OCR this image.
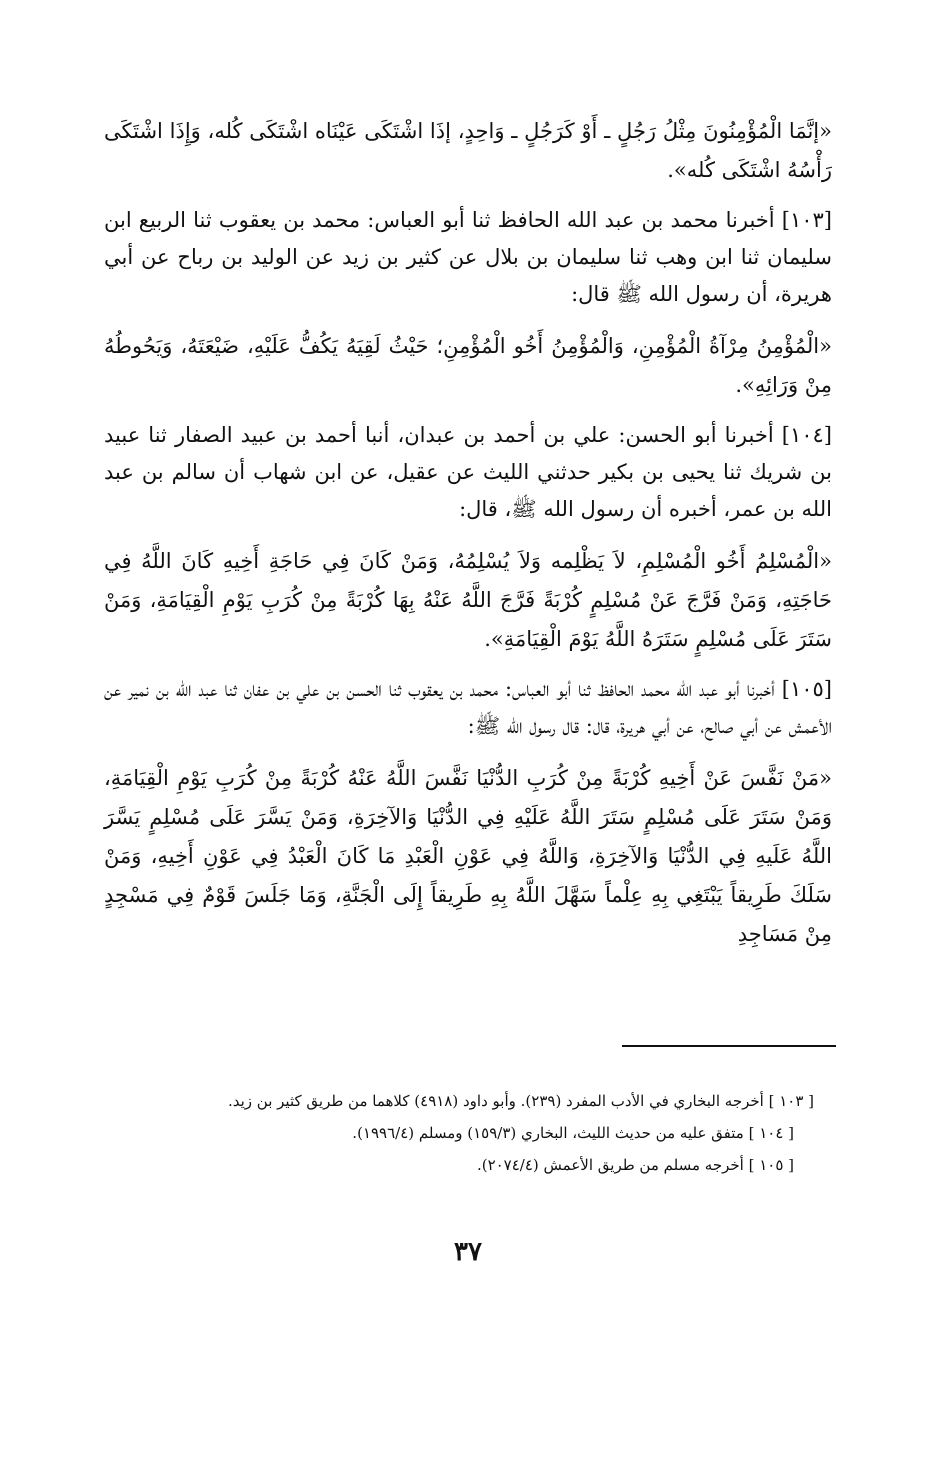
«إنَّمَا الْمُؤْمِنُونَ مِثْلُ رَجُلٍ ـ أَوْ كَرَجُلٍ ـ وَاحِدٍ، إذَا اشْتَكَى عَيْنَاه اشْتَكَى كُله، وَإِذَا اشْتَكَى رَأْسُهُ اشْتَكَى كُله».

[١٠٣] أخبرنا محمد بن عبد الله الحافظ ثنا أبو العباس: محمد بن يعقوب ثنا الربيع ابن سليمان ثنا ابن وهب ثنا سليمان بن بلال عن كثير بن زيد عن الوليد بن رباح عن أبي هريرة، أن رسول الله ﷺ قال:

«الْمُؤْمِنُ مِرْآةُ الْمُؤْمِنِ، وَالْمُؤْمِنُ أَخُو الْمُؤْمِنِ؛ حَيْثُ لَقِيَهُ يَكُفُّ عَلَيْهِ، ضَيْعَتَهُ، وَيَحُوطُهُ مِنْ وَرَائِهِ».

[١٠٤] أخبرنا أبو الحسن: علي بن أحمد بن عبدان، أنبا أحمد بن عبيد الصفار ثنا عبيد بن شريك ثنا يحيى بن بكير حدثني الليث عن عقيل، عن ابن شهاب أن سالم بن عبد الله بن عمر، أخبره أن رسول الله ﷺ، قال:

«الْمُسْلِمُ أَخُو الْمُسْلِمِ، لاَ يَظْلِمه وَلاَ يُسْلِمُهُ، وَمَنْ كَانَ فِي حَاجَةِ أَخِيهِ كَانَ اللَّهُ فِي حَاجَتِهِ، وَمَنْ فَرَّجَ عَنْ مُسْلِمٍ كُرْبَةً فَرَّجَ اللَّهُ عَنْهُ بِهَا كُرْبَةً مِنْ كُرَبِ يَوْمِ الْقِيَامَةِ، وَمَنْ سَتَرَ عَلَى مُسْلِمٍ سَتَرَهُ اللَّهُ يَوْمَ الْقِيَامَةِ».

[١٠٥] أخبرنا أبو عبد الله محمد الحافظ ثنا أبو العباس: محمد بن يعقوب ثنا الحسن بن علي بن عفان ثنا عبد الله بن نمير عن الأعمش عن أبي صالح، عن أبي هريرة، قال: قال رسول الله ﷺ:

«مَنْ نَفَّسَ عَنْ أَخِيهِ كُرْبَةً مِنْ كُرَبِ الدُّنْيَا نَفَّسَ اللَّهُ عَنْهُ كُرْبَةً مِنْ كُرَبِ يَوْمِ الْقِيَامَةِ، وَمَنْ سَتَرَ عَلَى مُسْلِمٍ سَتَرَ اللَّهُ عَلَيْهِ فِي الدُّنْيَا وَالآخِرَةِ، وَمَنْ يَسَّرَ عَلَى مُسْلِمٍ يَسَّرَ اللَّهُ عَلَيهِ فِي الدُّنْيَا وَالآخِرَةِ، وَاللَّهُ فِي عَوْنِ الْعَبْدِ مَا كَانَ الْعَبْدُ فِي عَوْنِ أَخِيهِ، وَمَنْ سَلَكَ طَرِيقاً يَبْتَغِي بِهِ عِلْماً سَهَّلَ اللَّهُ بِهِ طَرِيقاً إِلَى الْجَنَّةِ، وَمَا جَلَسَ قَوْمٌ فِي مَسْجِدٍ مِنْ مَسَاجِدِ

[ ١٠٣ ] أخرجه البخاري في الأدب المفرد (٢٣٩). وأبو داود (٤٩١٨) كلاهما من طريق كثير بن زيد.

[ ١٠٤ ] متفق عليه من حديث الليث، البخاري (١٥٩/٣) ومسلم (١٩٩٦/٤).

[ ١٠٥ ] أخرجه مسلم من طريق الأعمش (٢٠٧٤/٤).

٣٧
